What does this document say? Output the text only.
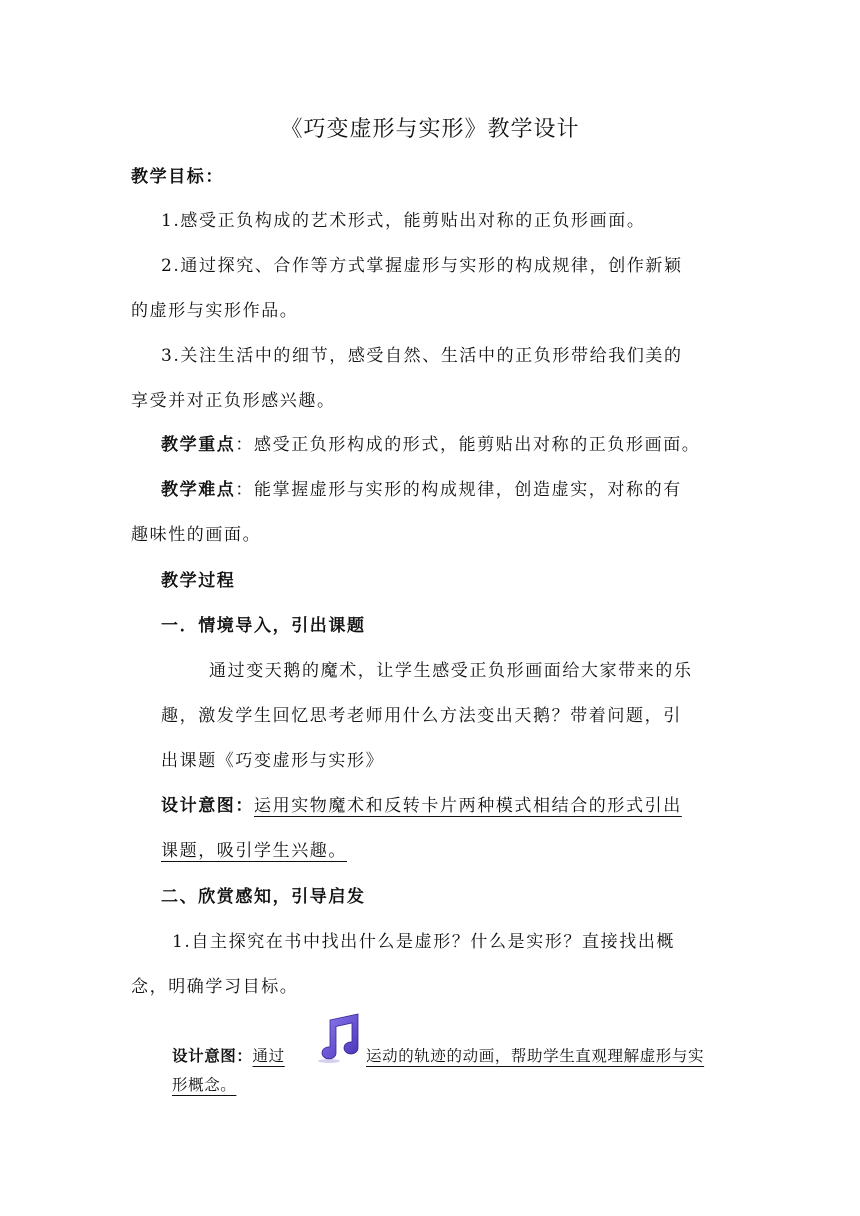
《巧变虚形与实形》教学设计
教学目标：
1.感受正负构成的艺术形式，能剪贴出对称的正负形画面。
2.通过探究、合作等方式掌握虚形与实形的构成规律，创作新颖
的虚形与实形作品。
3.关注生活中的细节，感受自然、生活中的正负形带给我们美的
享受并对正负形感兴趣。
教学重点：感受正负形构成的形式，能剪贴出对称的正负形画面。
教学难点：能掌握虚形与实形的构成规律，创造虚实，对称的有
趣味性的画面。
教学过程
一．情境导入，引出课题
通过变天鹅的魔术，让学生感受正负形画面给大家带来的乐
趣，激发学生回忆思考老师用什么方法变出天鹅？带着问题，引
出课题《巧变虚形与实形》
设计意图：运用实物魔术和反转卡片两种模式相结合的形式引出
课题，吸引学生兴趣。
二、欣赏感知，引导启发
1.自主探究在书中找出什么是虚形？什么是实形？直接找出概
念，明确学习目标。
设计意图：通过	运动的轨迹的动画，帮助学生直观理解虚形与实
形概念。
